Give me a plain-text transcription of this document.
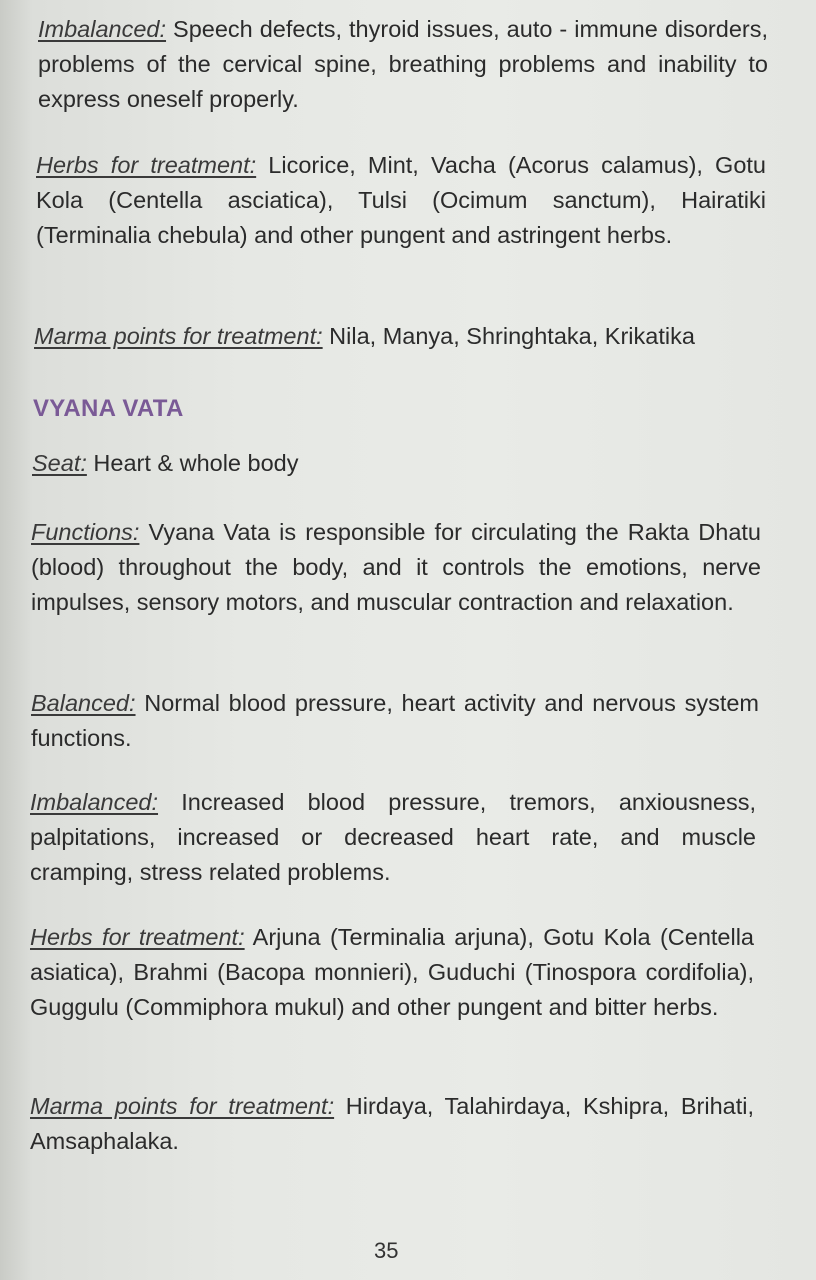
Imbalanced: Speech defects, thyroid issues, auto - immune disorders, problems of the cervical spine, breathing problems and inability to express oneself properly.

Herbs for treatment: Licorice, Mint, Vacha (Acorus calamus), Gotu Kola (Centella asciatica), Tulsi (Ocimum sanctum), Hairatiki (Terminalia chebula) and other pungent and astringent herbs.

Marma points for treatment: Nila, Manya, Shringhtaka, Krikatika

VYANA VATA

Seat: Heart & whole body

Functions: Vyana Vata is responsible for circulating the Rakta Dhatu (blood) throughout the body, and it controls the emotions, nerve impulses, sensory motors, and muscular contraction and relaxation.

Balanced: Normal blood pressure, heart activity and nervous system functions.

Imbalanced: Increased blood pressure, tremors, anxiousness, palpitations, increased or decreased heart rate, and muscle cramping, stress related problems.

Herbs for treatment: Arjuna (Terminalia arjuna), Gotu Kola (Centella asiatica), Brahmi (Bacopa monnieri), Guduchi (Tinospora cordifolia), Guggulu (Commiphora mukul) and other pungent and bitter herbs.

Marma points for treatment: Hirdaya, Talahirdaya, Kshipra, Brihati, Amsaphalaka.

35
